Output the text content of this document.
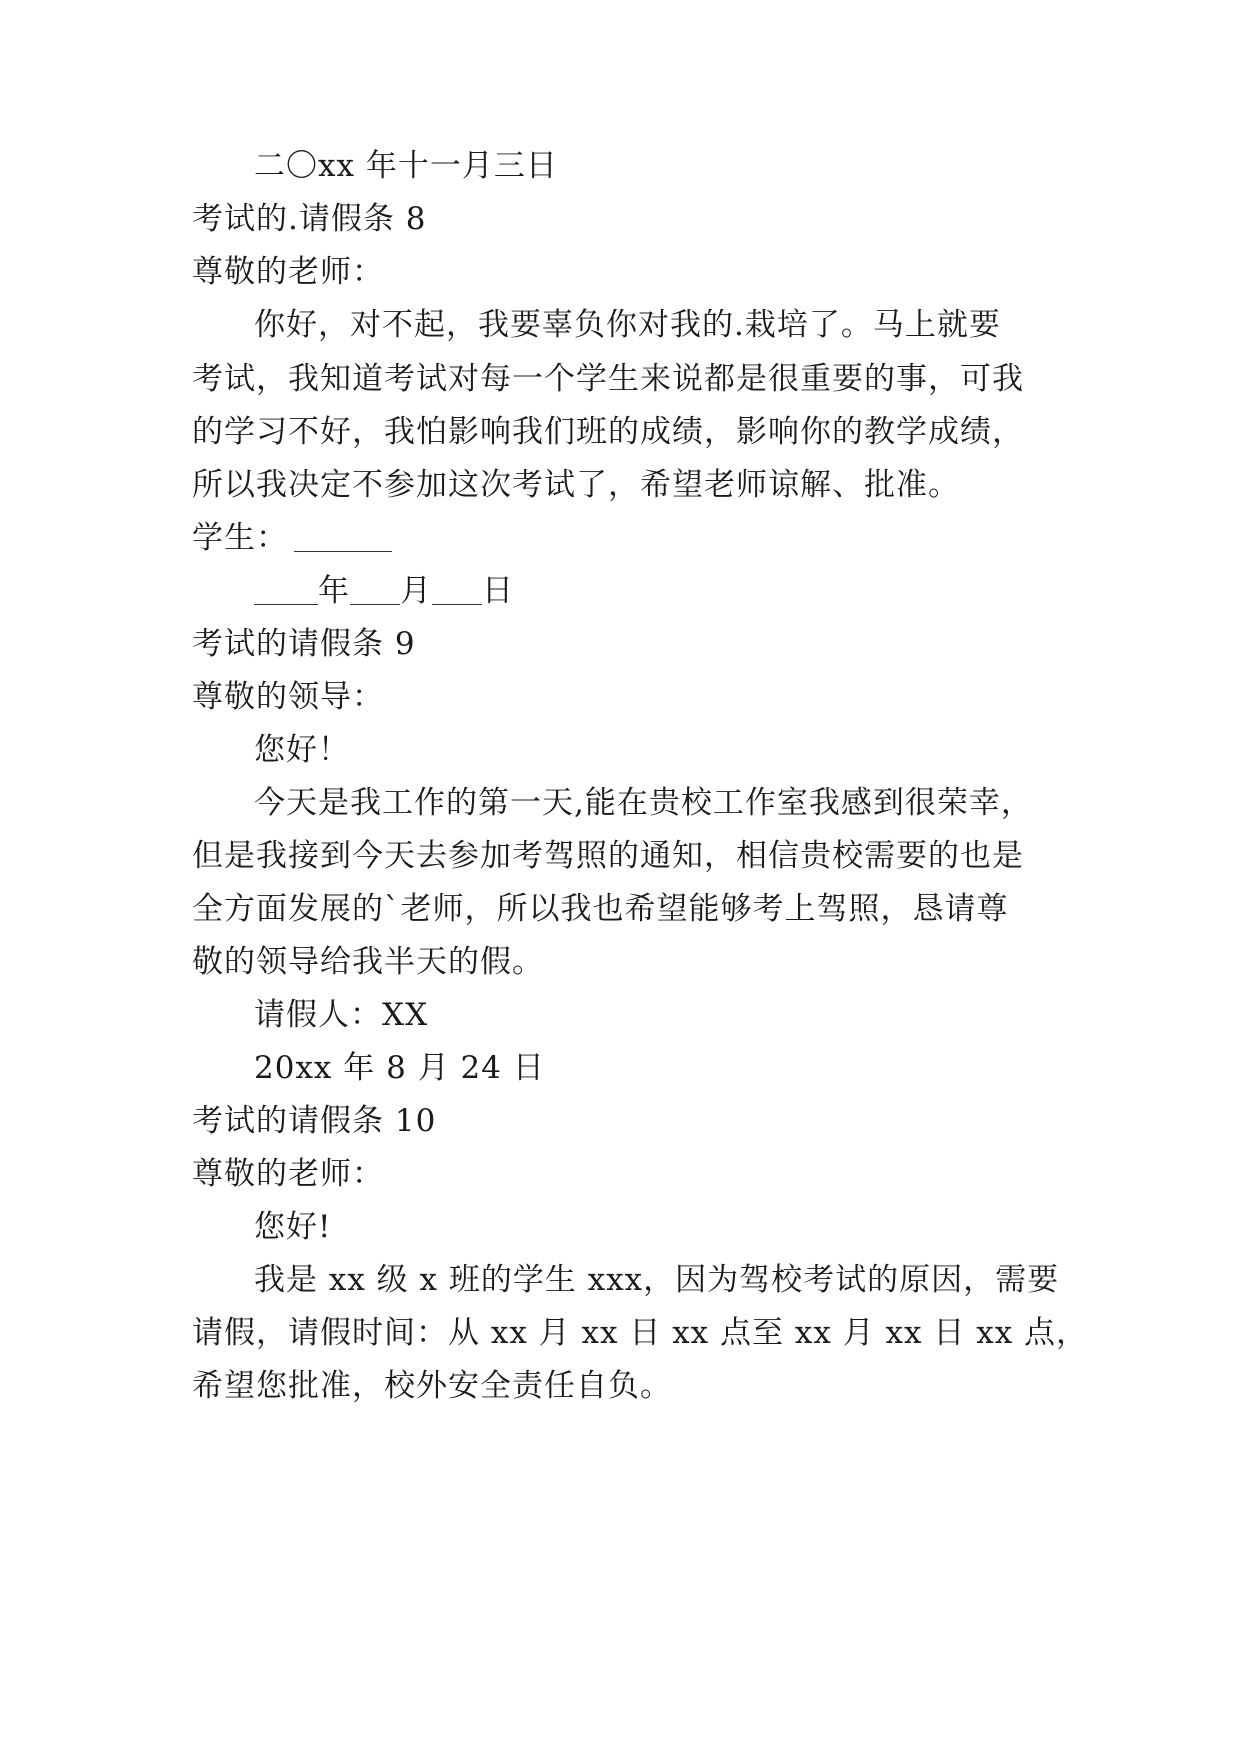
二〇xx 年十一月三日
考试的.请假条 8
尊敬的老师：
你好，对不起，我要辜负你对我的.栽培了。马上就要
考试，我知道考试对每一个学生来说都是很重要的事，可我
的学习不好，我怕影响我们班的成绩，影响你的教学成绩，
所以我决定不参加这次考试了，希望老师谅解、批准。
学生：
年 月 日
考试的请假条 9
尊敬的领导：
您好！
今天是我工作的第一天,能在贵校工作室我感到很荣幸，
但是我接到今天去参加考驾照的通知，相信贵校需要的也是
全方面发展的`老师，所以我也希望能够考上驾照，恳请尊
敬的领导给我半天的假。
请假人：XX
20xx 年 8 月 24 日
考试的请假条 10
尊敬的老师：
您好!
我是 xx 级 x 班的学生 xxx，因为驾校考试的原因，需要
请假，请假时间：从 xx 月 xx 日 xx 点至 xx 月 xx 日 xx 点，
希望您批准，校外安全责任自负。
